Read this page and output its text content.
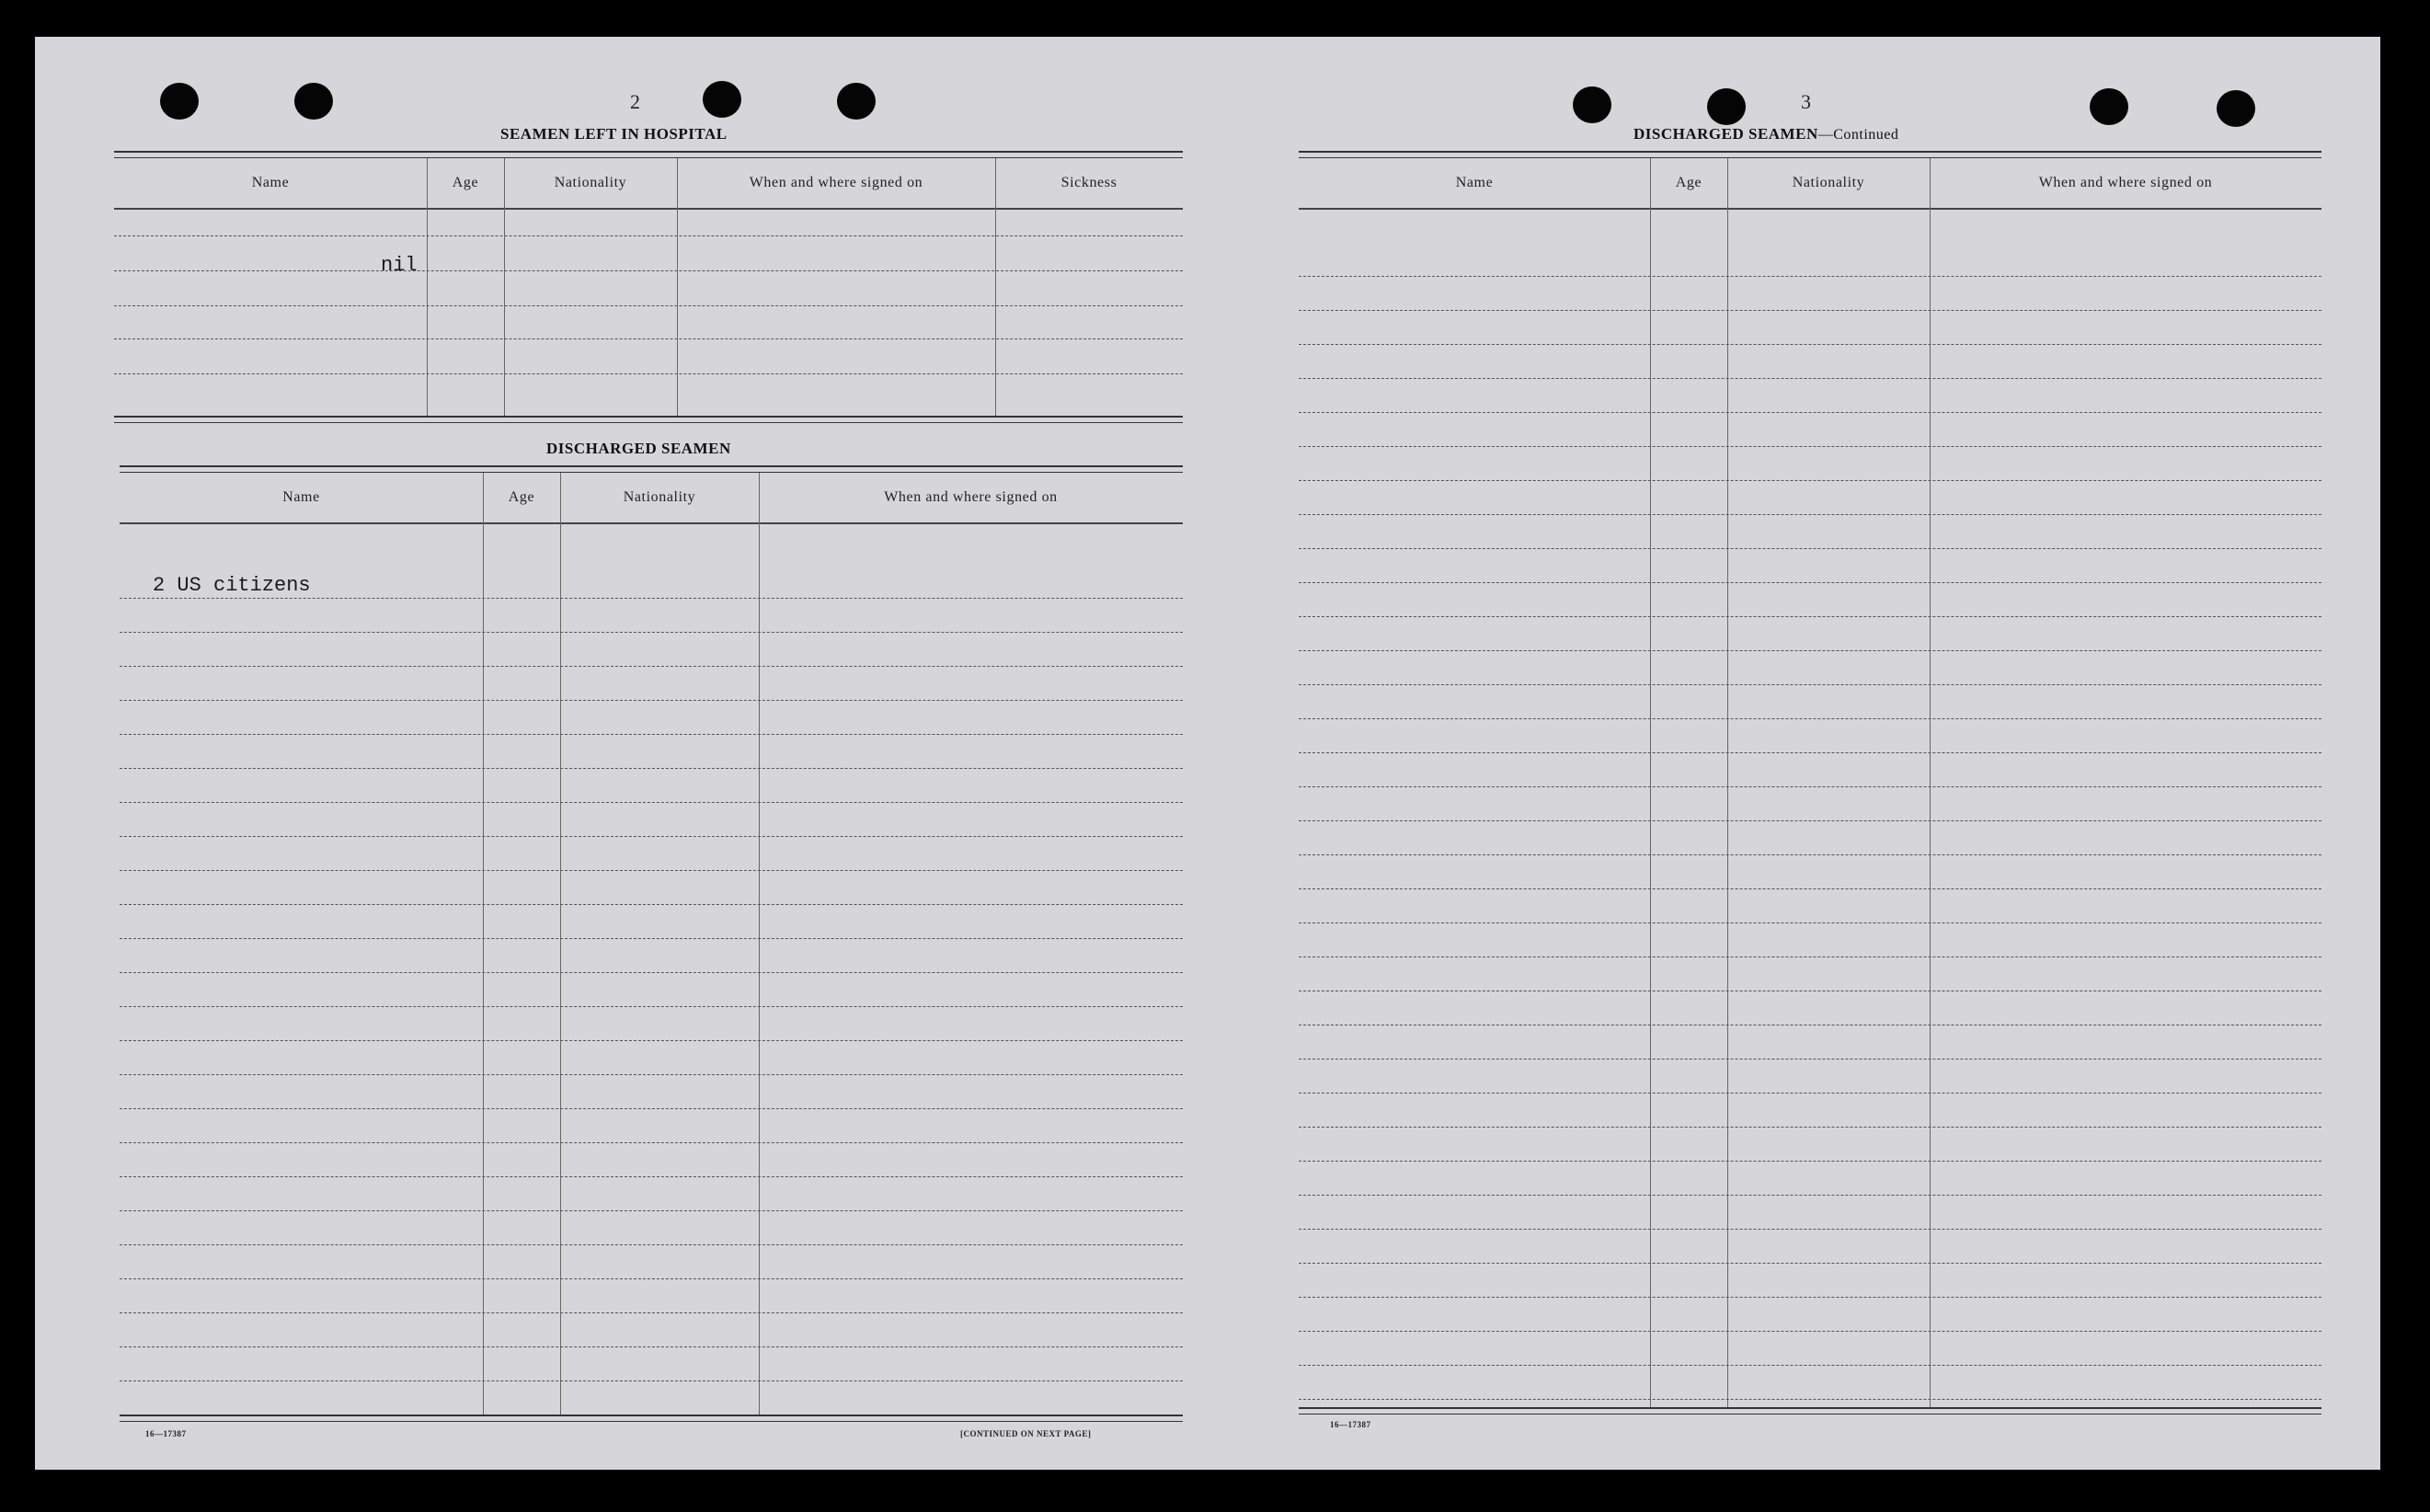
2
SEAMEN LEFT IN HOSPITAL
Name	Age	Nationality	When and where signed on	Sickness
nil
DISCHARGED SEAMEN
Name	Age	Nationality	When and where signed on
2 US citizens
16—17387	[CONTINUED ON NEXT PAGE]
3
DISCHARGED SEAMEN—Continued
Name	Age	Nationality	When and where signed on
16—17387
